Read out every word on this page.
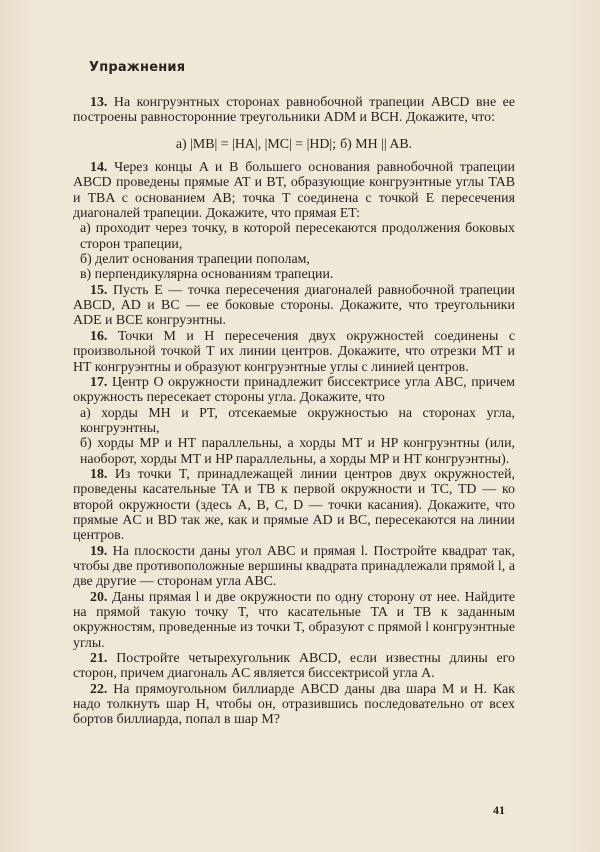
Упражнения

13. На конгруэнтных сторонах равнобочной трапеции ABCD вне ее построены равносторонние треугольники ADM и BCH. Докажите, что:

а) |MB| = |HA|, |MC| = |HD|; б) MH || AB.

14. Через концы A и B большего основания равнобочной трапеции ABCD проведены прямые AT и BT, образующие конгруэнтные углы TAB и TBA с основанием AB; точка T соединена с точкой E пересечения диагоналей трапеции. Докажите, что прямая ET:

а) проходит через точку, в которой пересекаются продолжения боковых сторон трапеции,

б) делит основания трапеции пополам,

в) перпендикулярна основаниям трапеции.

15. Пусть E — точка пересечения диагоналей равнобочной трапеции ABCD, AD и BC — ее боковые стороны. Докажите, что треугольники ADE и BCE конгруэнтны.

16. Точки M и H пересечения двух окружностей соединены с произвольной точкой T их линии центров. Докажите, что отрезки MT и HT конгруэнтны и образуют конгруэнтные углы с линией центров.

17. Центр O окружности принадлежит биссектрисе угла ABC, причем окружность пересекает стороны угла. Докажите, что

а) хорды MH и PT, отсекаемые окружностью на сторонах угла, конгруэнтны,

б) хорды MP и HT параллельны, а хорды MT и HP конгруэнтны (или, наоборот, хорды MT и HP параллельны, а хорды MP и HT конгруэнтны).

18. Из точки T, принадлежащей линии центров двух окружностей, проведены касательные TA и TB к первой окружности и TC, TD — ко второй окружности (здесь A, B, C, D — точки касания). Докажите, что прямые AC и BD так же, как и прямые AD и BC, пересекаются на линии центров.

19. На плоскости даны угол ABC и прямая l. Постройте квадрат так, чтобы две противоположные вершины квадрата принадлежали прямой l, а две другие — сторонам угла ABC.

20. Даны прямая l и две окружности по одну сторону от нее. Найдите на прямой такую точку T, что касательные TA и TB к заданным окружностям, проведенные из точки T, образуют с прямой l конгруэнтные углы.

21. Постройте четырехугольник ABCD, если известны длины его сторон, причем диагональ AC является биссектрисой угла A.

22. На прямоугольном биллиарде ABCD даны два шара M и H. Как надо толкнуть шар H, чтобы он, отразившись последовательно от всех бортов биллиарда, попал в шар M?

41
